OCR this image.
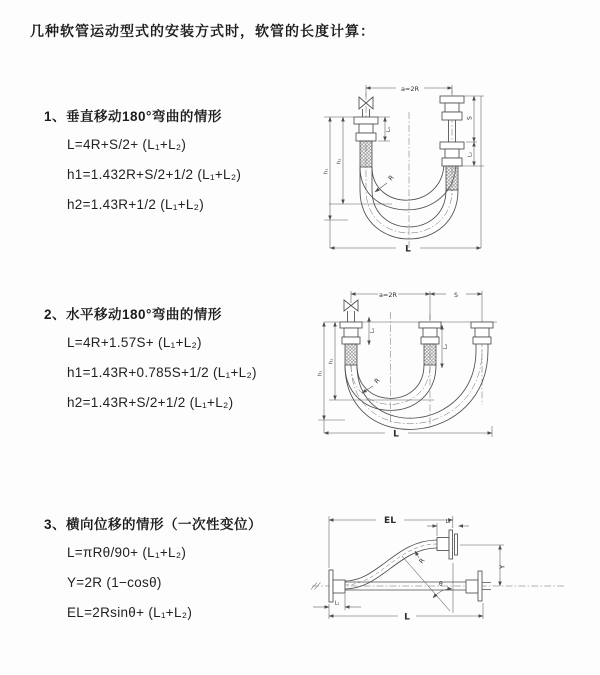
几种软管运动型式的安装方式时，软管的长度计算：
1、垂直移动180°弯曲的情形
L=4R+S/2+ (L₁+L₂)
h1=1.432R+S/2+1/2 (L₁+L₂)
h2=1.43R+1/2 (L₁+L₂)
2、水平移动180°弯曲的情形
L=4R+1.57S+ (L₁+L₂)
h1=1.43R+0.785S+1/2 (L₁+L₂)
h2=1.43R+S/2+1/2 (L₁+L₂)
3、横向位移的情形（一次性变位）
L=πRθ/90+ (L₁+L₂)
Y=2R (1−cosθ)
EL=2Rsinθ+ (L₁+L₂)
a=2R
S
L₂
L₁
h₁
h₂
R
L
a=2R	S
L₁
L₂
h₁
h₂
R
L
EL	L₂
Y
θ
R
L
L₁
